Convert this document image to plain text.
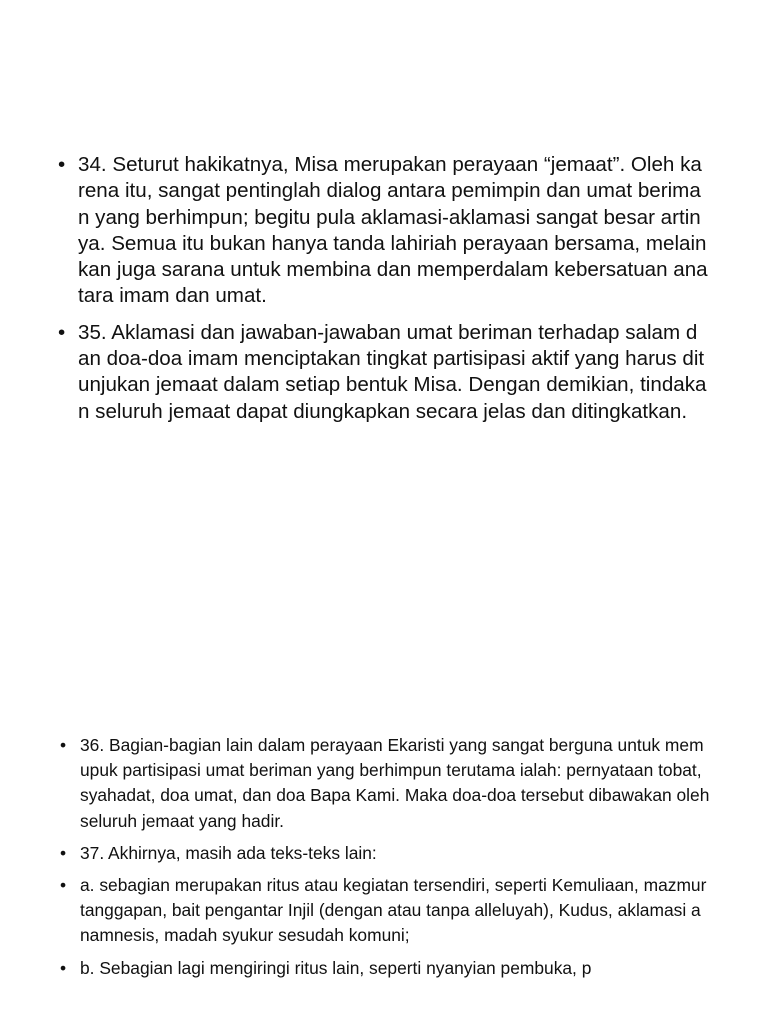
• 34. Seturut hakikatnya, Misa merupakan perayaan “jemaat”. Oleh karena itu, sangat pentinglah dialog antara pemimpin dan umat beriman yang berhimpun; begitu pula aklamasi-aklamasi sangat besar artinya. Semua itu bukan hanya tanda lahiriah perayaan bersama, melainkan juga sarana untuk membina dan memperdalam kebersatuan anatara imam dan umat.
• 35. Aklamasi dan jawaban-jawaban umat beriman terhadap salam dan doa-doa imam menciptakan tingkat partisipasi aktif yang harus ditunjukan jemaat dalam setiap bentuk Misa. Dengan demikian, tindakan seluruh jemaat dapat diungkapkan secara jelas dan ditingkatkan.
• 36. Bagian-bagian lain dalam perayaan Ekaristi yang sangat berguna untuk memupuk partisipasi umat beriman yang berhimpun terutama ialah: pernyataan tobat, syahadat, doa umat, dan doa Bapa Kami. Maka doa-doa tersebut dibawakan oleh seluruh jemaat yang hadir.
• 37. Akhirnya, masih ada teks-teks lain:
• a. sebagian merupakan ritus atau kegiatan tersendiri, seperti Kemuliaan, mazmur tanggapan, bait pengantar Injil (dengan atau tanpa alleluyah), Kudus, aklamasi anamnesis, madah syukur sesudah komuni;
• b. Sebagian lagi mengiringi ritus lain, seperti nyanyian pembuka, p
